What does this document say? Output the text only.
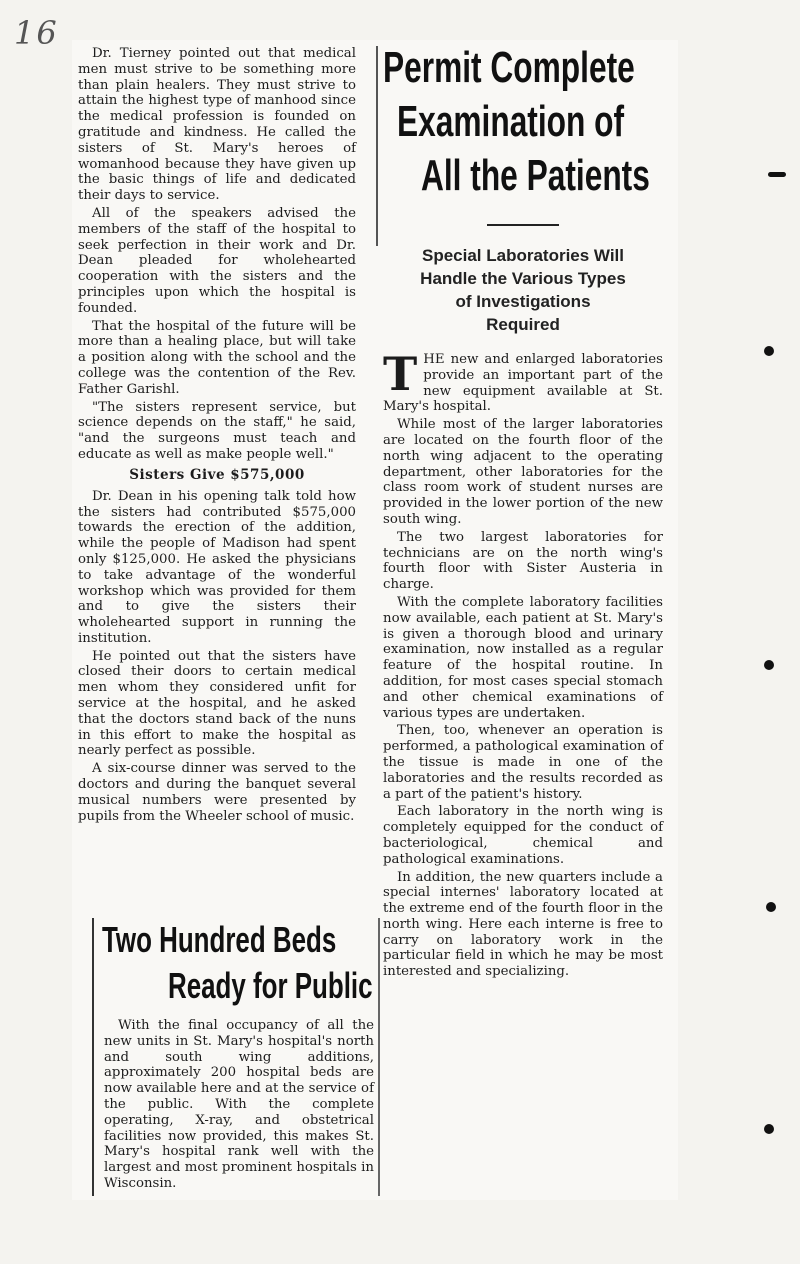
16

Dr. Tierney pointed out that medical men must strive to be something more than plain healers. They must strive to attain the highest type of manhood since the medical profession is founded on gratitude and kindness. He called the sisters of St. Mary's heroes of womanhood because they have given up the basic things of life and dedicated their days to service.

All of the speakers advised the members of the staff of the hospital to seek perfection in their work and Dr. Dean pleaded for wholehearted cooperation with the sisters and the principles upon which the hospital is founded.

That the hospital of the future will be more than a healing place, but will take a position along with the school and the college was the contention of the Rev. Father Garishl.

"The sisters represent service, but science depends on the staff," he said, "and the surgeons must teach and educate as well as make people well."

Sisters Give $575,000

Dr. Dean in his opening talk told how the sisters had contributed $575,000 towards the erection of the addition, while the people of Madison had spent only $125,000. He asked the physicians to take advantage of the wonderful workshop which was provided for them and to give the sisters their wholehearted support in running the institution.

He pointed out that the sisters have closed their doors to certain medical men whom they considered unfit for service at the hospital, and he asked that the doctors stand back of the nuns in this effort to make the hospital as nearly perfect as possible.

A six-course dinner was served to the doctors and during the banquet several musical numbers were presented by pupils from the Wheeler school of music.

Permit Complete
Examination of
All the Patients
Special Laboratories Will
Handle the Various Types
of Investigations
Required
T HE new and enlarged laboratories provide an important part of the new equipment available at St. Mary's hospital.

While most of the larger laboratories are located on the fourth floor of the north wing adjacent to the operating department, other laboratories for the class room work of student nurses are provided in the lower portion of the new south wing.

The two largest laboratories for technicians are on the north wing's fourth floor with Sister Austeria in charge.

With the complete laboratory facilities now available, each patient at St. Mary's is given a thorough blood and urinary examination, now installed as a regular feature of the hospital routine. In addition, for most cases special stomach and other chemical examinations of various types are undertaken.

Then, too, whenever an operation is performed, a pathological examination of the tissue is made in one of the laboratories and the results recorded as a part of the patient's history.

Each laboratory in the north wing is completely equipped for the conduct of bacteriological, chemical and pathological examinations.

In addition, the new quarters include a special internes' laboratory located at the extreme end of the fourth floor in the north wing. Here each interne is free to carry on laboratory work in the particular field in which he may be most interested and specializing.

Two Hundred Beds
Ready for Public

With the final occupancy of all the new units in St. Mary's hospital's north and south wing additions, approximately 200 hospital beds are now available here and at the service of the public. With the complete operating, X-ray, and obstetrical facilities now provided, this makes St. Mary's hospital rank well with the largest and most prominent hospitals in Wisconsin.
